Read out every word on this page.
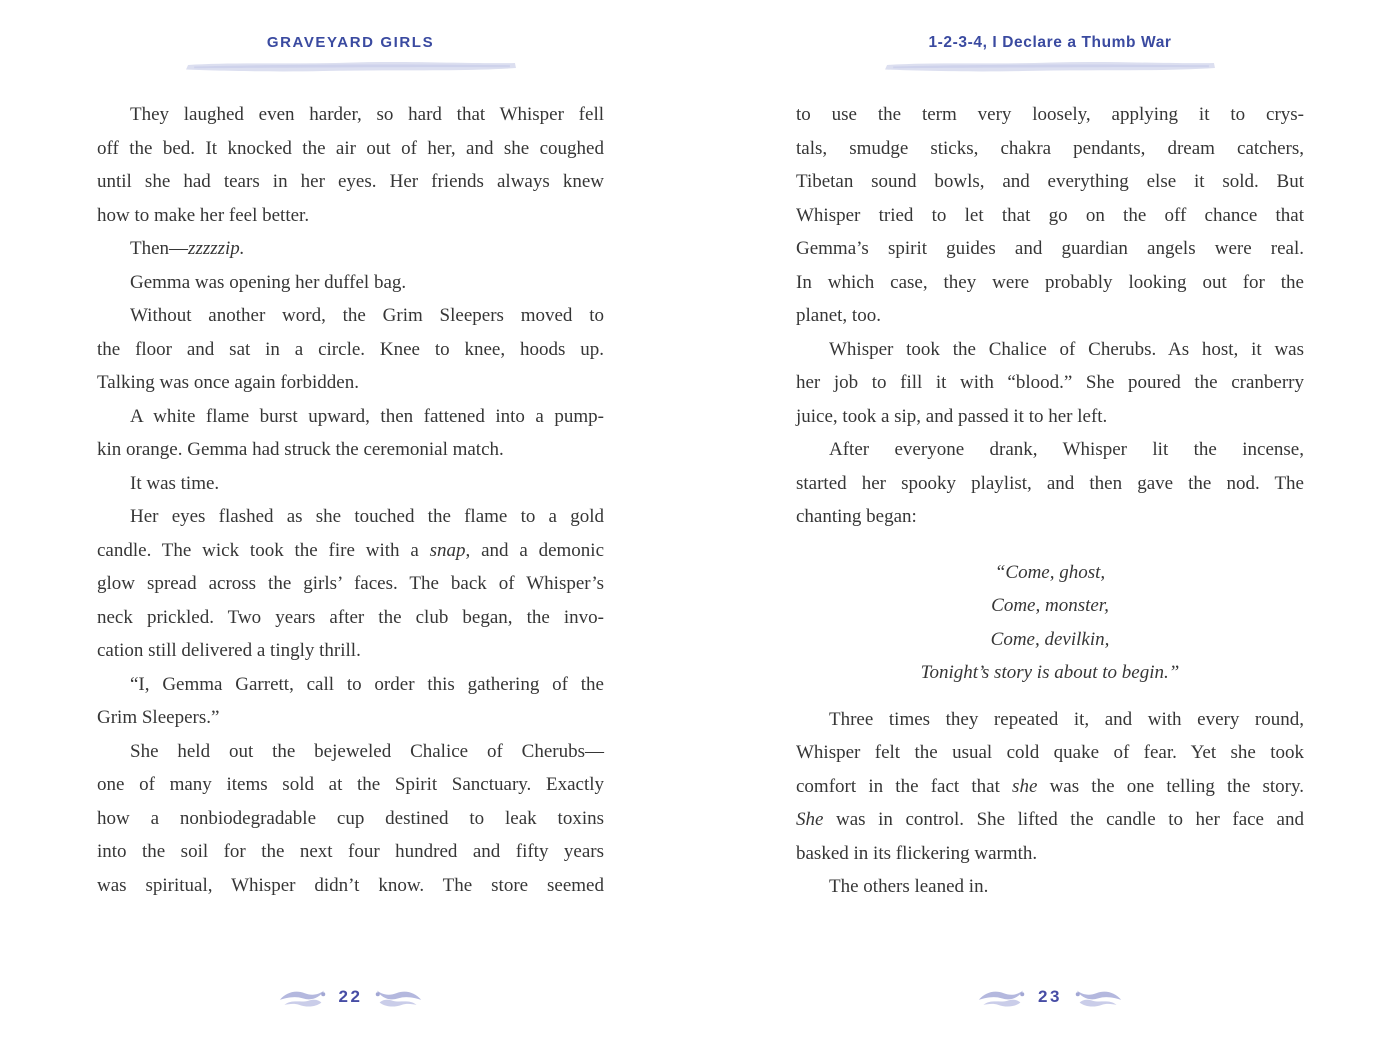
GRAVEYARD GIRLS
They laughed even harder, so hard that Whisper fell
off the bed. It knocked the air out of her, and she coughed
until she had tears in her eyes. Her friends always knew
how to make her feel better.
Then—zzzzzip.
Gemma was opening her duffel bag.
Without another word, the Grim Sleepers moved to
the floor and sat in a circle. Knee to knee, hoods up.
Talking was once again forbidden.
A white flame burst upward, then fattened into a pump-
kin orange. Gemma had struck the ceremonial match.
It was time.
Her eyes flashed as she touched the flame to a gold
candle. The wick took the fire with a snap, and a demonic
glow spread across the girls’ faces. The back of Whisper’s
neck prickled. Two years after the club began, the invo-
cation still delivered a tingly thrill.
“I, Gemma Garrett, call to order this gathering of the
Grim Sleepers.”
She held out the bejeweled Chalice of Cherubs—
one of many items sold at the Spirit Sanctuary. Exactly
how a nonbiodegradable cup destined to leak toxins
into the soil for the next four hundred and fifty years
was spiritual, Whisper didn’t know. The store seemed
22
1-2-3-4, I Declare a Thumb War
to use the term very loosely, applying it to crys-
tals, smudge sticks, chakra pendants, dream catchers,
Tibetan sound bowls, and everything else it sold. But
Whisper tried to let that go on the off chance that
Gemma’s spirit guides and guardian angels were real.
In which case, they were probably looking out for the
planet, too.
Whisper took the Chalice of Cherubs. As host, it was
her job to fill it with “blood.” She poured the cranberry
juice, took a sip, and passed it to her left.
After everyone drank, Whisper lit the incense,
started her spooky playlist, and then gave the nod. The
chanting began:
“Come, ghost,
Come, monster,
Come, devilkin,
Tonight’s story is about to begin.”
Three times they repeated it, and with every round,
Whisper felt the usual cold quake of fear. Yet she took
comfort in the fact that she was the one telling the story.
She was in control. She lifted the candle to her face and
basked in its flickering warmth.
The others leaned in.
23
